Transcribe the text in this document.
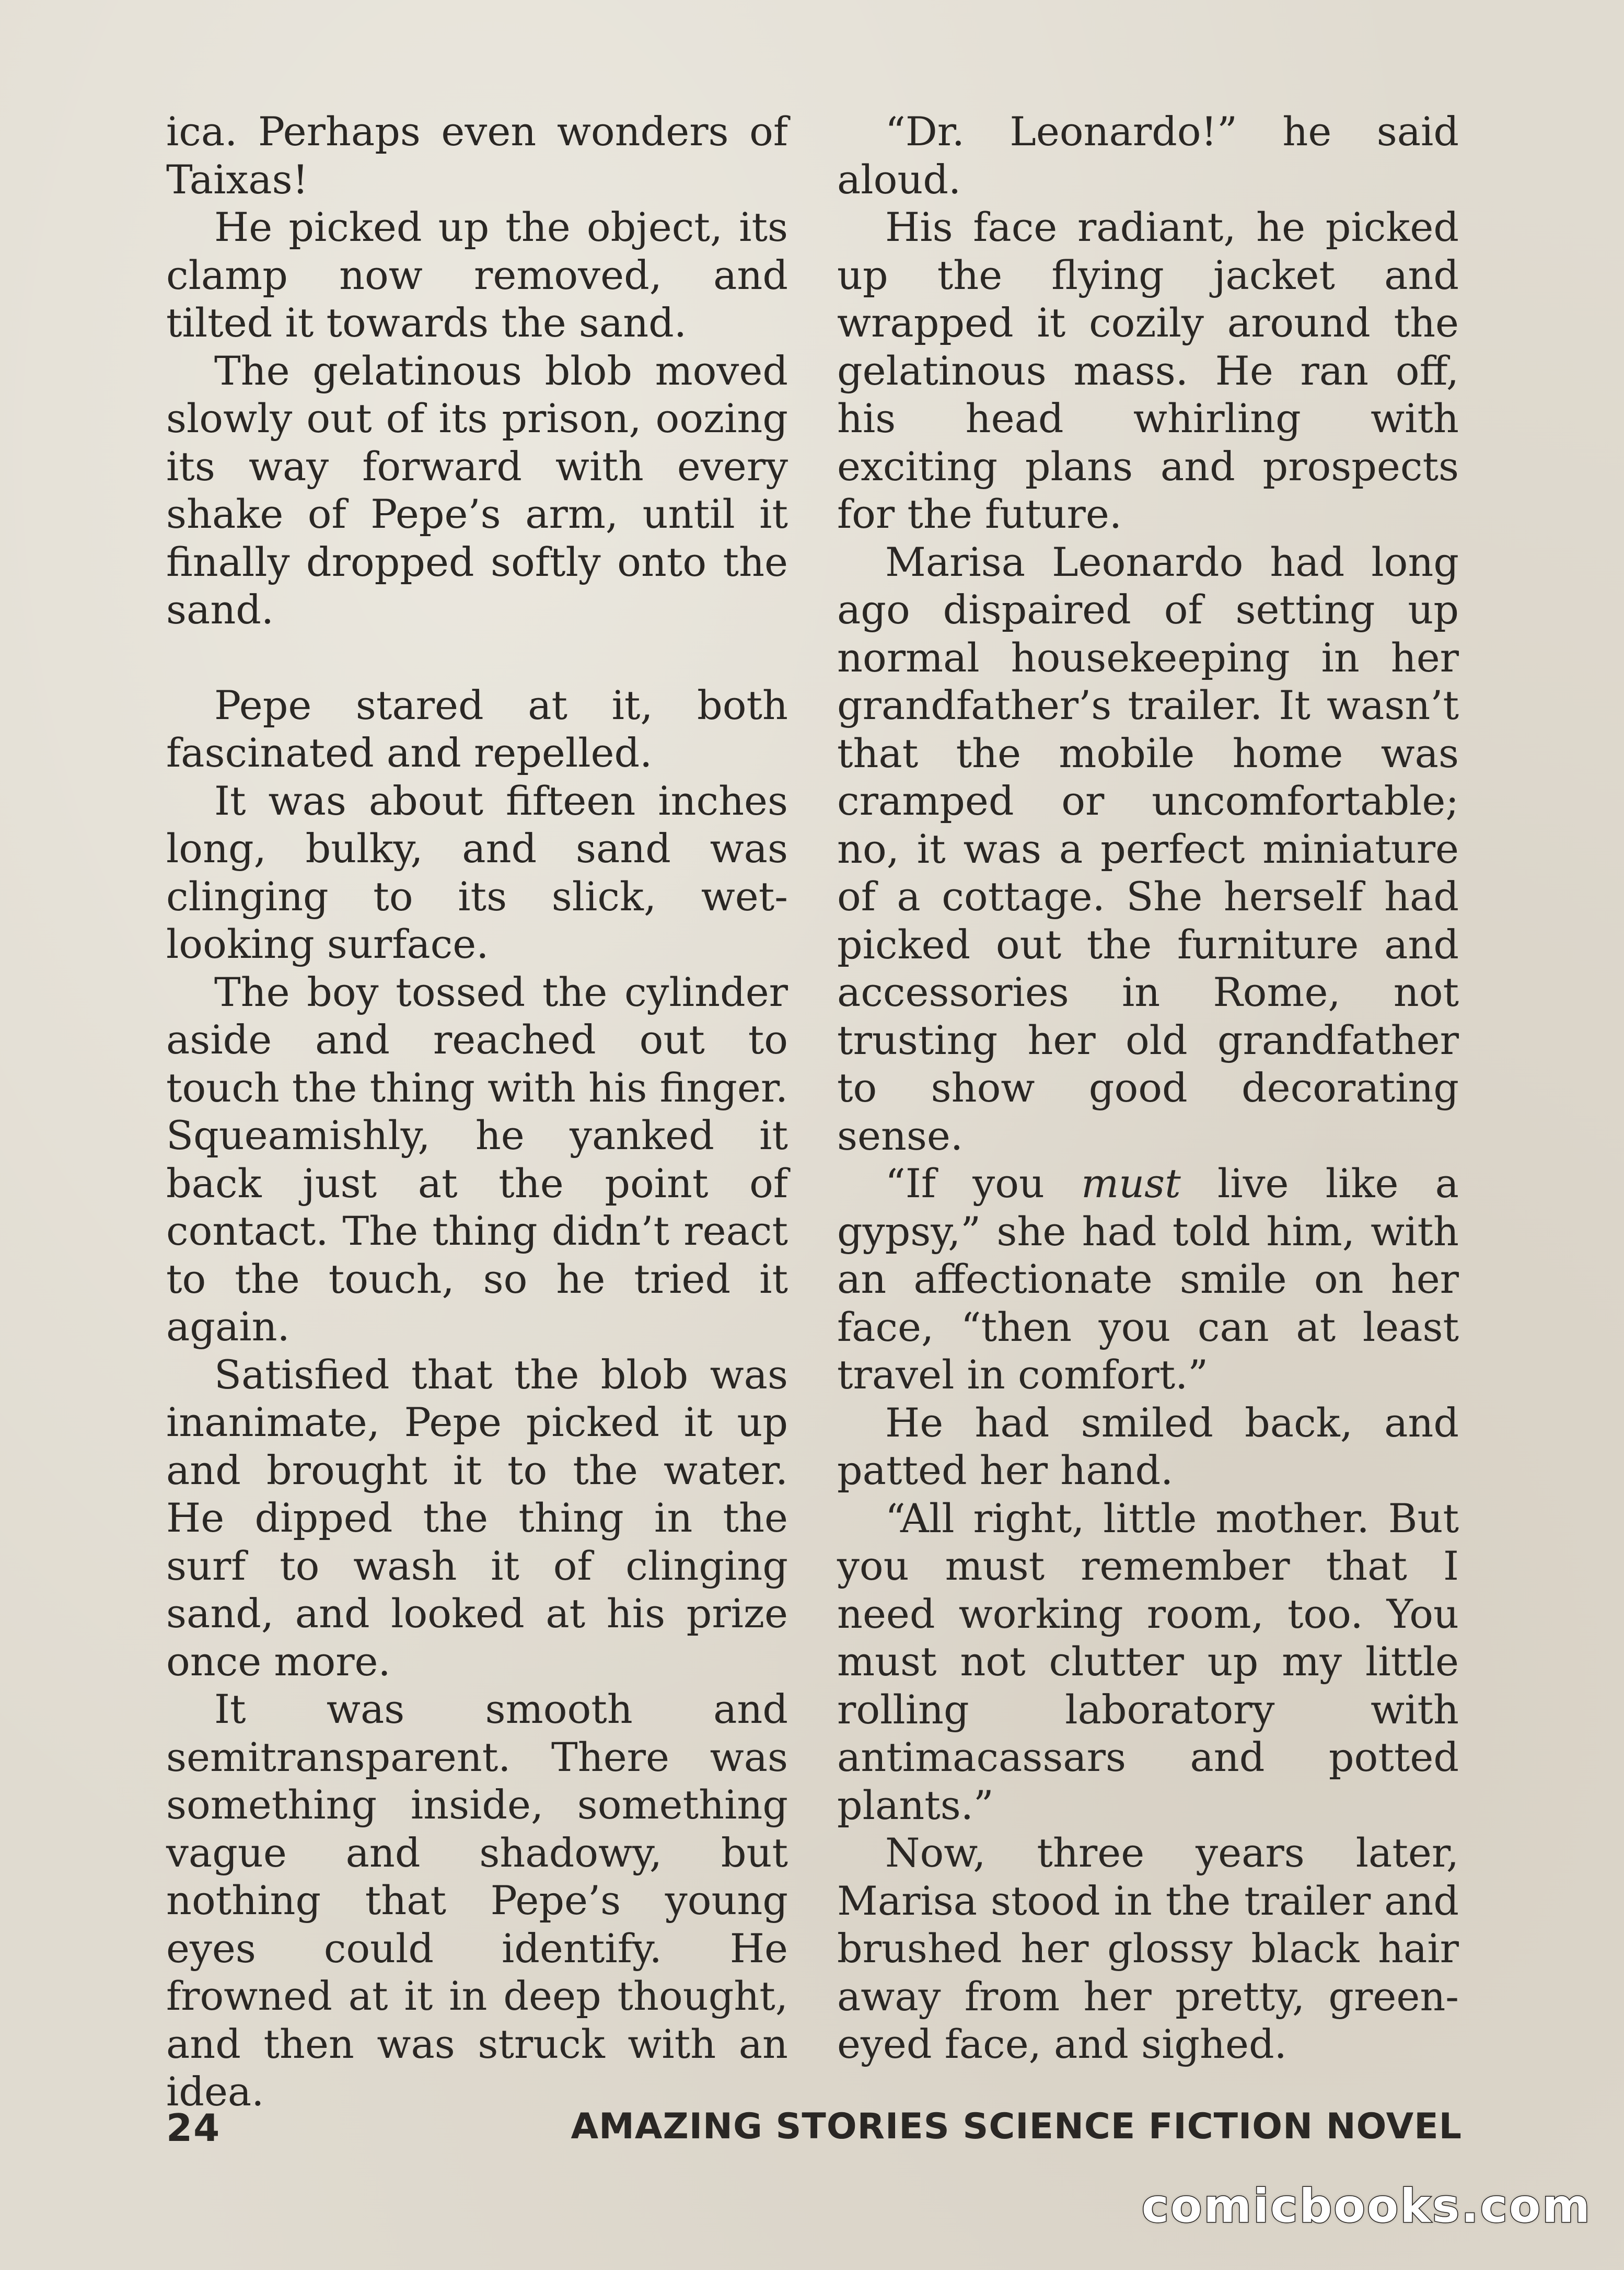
ica. Perhaps even wonders of Taixas!

He picked up the object, its clamp now removed, and tilted it towards the sand.

The gelatinous blob moved slowly out of its prison, oozing its way forward with every shake of Pepe’s arm, until it finally dropped softly onto the sand.

Pepe stared at it, both fascinated and repelled.

It was about fifteen inches long, bulky, and sand was clinging to its slick, wet-looking surface.

The boy tossed the cylinder aside and reached out to touch the thing with his finger. Squeamishly, he yanked it back just at the point of contact. The thing didn’t react to the touch, so he tried it again.

Satisfied that the blob was inanimate, Pepe picked it up and brought it to the water. He dipped the thing in the surf to wash it of clinging sand, and looked at his prize once more.

It was smooth and semitransparent. There was something inside, something vague and shadowy, but nothing that Pepe’s young eyes could identify. He frowned at it in deep thought, and then was struck with an idea.

“Dr. Leonardo!” he said aloud.

His face radiant, he picked up the flying jacket and wrapped it cozily around the gelatinous mass. He ran off, his head whirling with exciting plans and prospects for the future.

Marisa Leonardo had long ago dispaired of setting up normal housekeeping in her grandfather’s trailer. It wasn’t that the mobile home was cramped or uncomfortable; no, it was a perfect miniature of a cottage. She herself had picked out the furniture and accessories in Rome, not trusting her old grandfather to show good decorating sense.

“If you must live like a gypsy,” she had told him, with an affectionate smile on her face, “then you can at least travel in comfort.”

He had smiled back, and patted her hand.

“All right, little mother. But you must remember that I need working room, too. You must not clutter up my little rolling laboratory with antimacassars and potted plants.”

Now, three years later, Marisa stood in the trailer and brushed her glossy black hair away from her pretty, green-eyed face, and sighed.

24	AMAZING STORIES SCIENCE FICTION NOVEL
comicbooks.com
